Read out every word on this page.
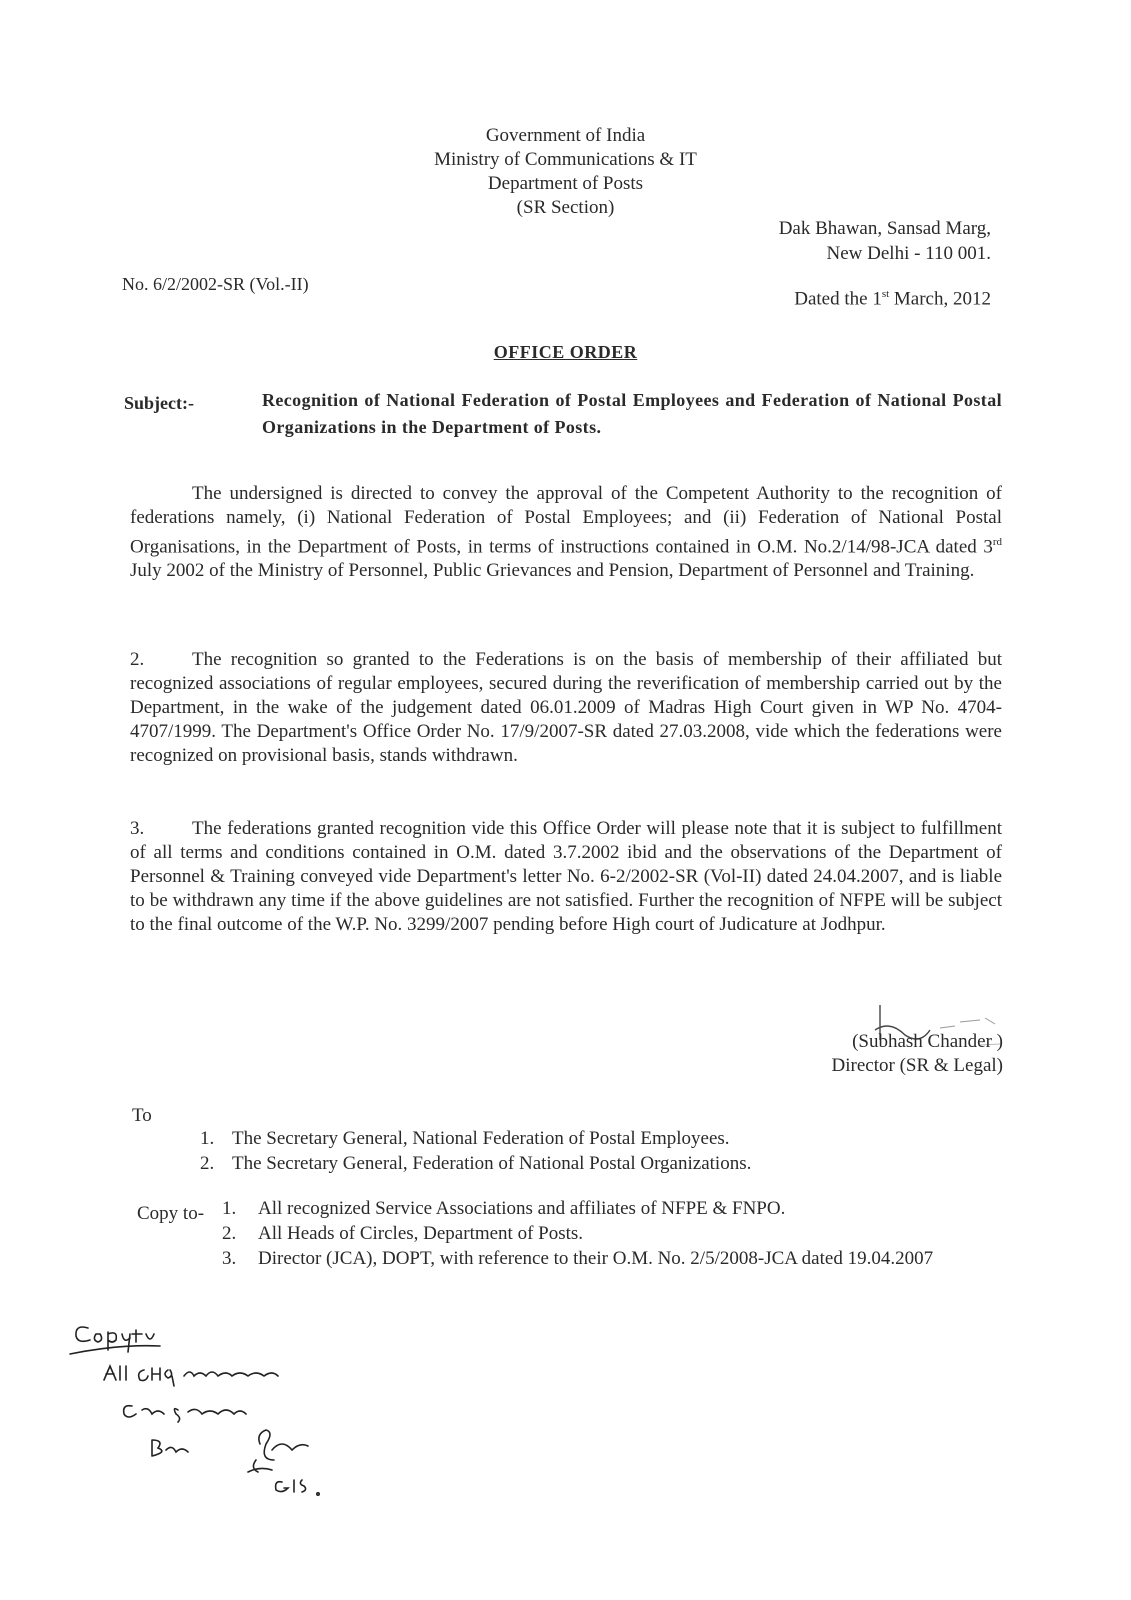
Government of India
Ministry of Communications & IT
Department of Posts
(SR Section)
Dak Bhawan, Sansad Marg,
New Delhi - 110 001.
No. 6/2/2002-SR (Vol.-II)
Dated the 1st March, 2012
OFFICE ORDER
Subject:-	Recognition of National Federation of Postal Employees and Federation of National Postal Organizations in the Department of Posts.
The undersigned is directed to convey the approval of the Competent Authority to the recognition of federations namely, (i) National Federation of Postal Employees; and (ii) Federation of National Postal Organisations, in the Department of Posts, in terms of instructions contained in O.M. No.2/14/98-JCA dated 3rd July 2002 of the Ministry of Personnel, Public Grievances and Pension, Department of Personnel and Training.
2.	The recognition so granted to the Federations is on the basis of membership of their affiliated but recognized associations of regular employees, secured during the reverification of membership carried out by the Department, in the wake of the judgement dated 06.01.2009 of Madras High Court given in WP No. 4704-4707/1999. The Department's Office Order No. 17/9/2007-SR dated 27.03.2008, vide which the federations were recognized on provisional basis, stands withdrawn.
3.	The federations granted recognition vide this Office Order will please note that it is subject to fulfillment of all terms and conditions contained in O.M. dated 3.7.2002 ibid and the observations of the Department of Personnel & Training conveyed vide Department's letter No. 6-2/2002-SR (Vol-II) dated 24.04.2007, and is liable to be withdrawn any time if the above guidelines are not satisfied. Further the recognition of NFPE will be subject to the final outcome of the W.P. No. 3299/2007 pending before High court of Judicature at Jodhpur.
(Subhash Chander )
Director (SR & Legal)
To
1. The Secretary General, National Federation of Postal Employees.
2. The Secretary General, Federation of National Postal Organizations.
Copy to- 1.	All recognized Service Associations and affiliates of NFPE & FNPO.
2.	All Heads of Circles, Department of Posts.
3.	Director (JCA), DOPT, with reference to their O.M. No. 2/5/2008-JCA dated 19.04.2007
